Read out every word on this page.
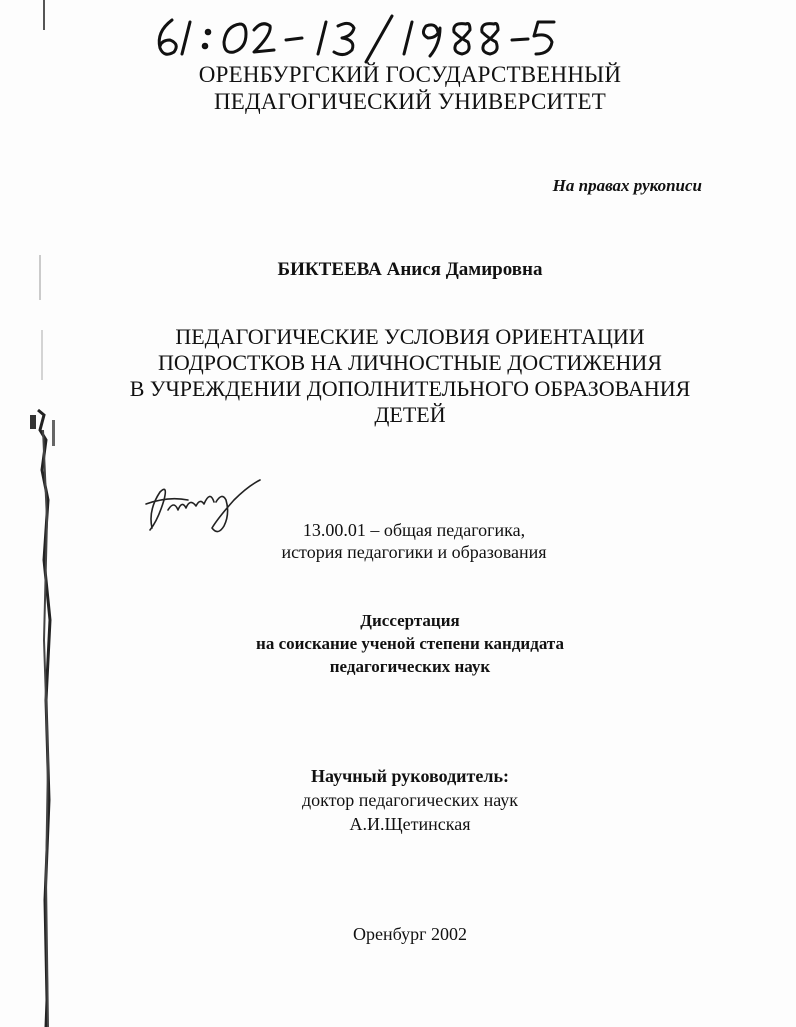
ОРЕНБУРГСКИЙ ГОСУДАРСТВЕННЫЙ
ПЕДАГОГИЧЕСКИЙ УНИВЕРСИТЕТ
На правах рукописи
БИКТЕЕВА Анися Дамировна
ПЕДАГОГИЧЕСКИЕ УСЛОВИЯ ОРИЕНТАЦИИ
ПОДРОСТКОВ НА ЛИЧНОСТНЫЕ ДОСТИЖЕНИЯ
В УЧРЕЖДЕНИИ ДОПОЛНИТЕЛЬНОГО ОБРАЗОВАНИЯ
ДЕТЕЙ
13.00.01 – общая педагогика,
история педагогики и образования
Диссертация
на соискание ученой степени кандидата
педагогических наук
Научный руководитель:
доктор педагогических наук
А.И.Щетинская
Оренбург 2002
